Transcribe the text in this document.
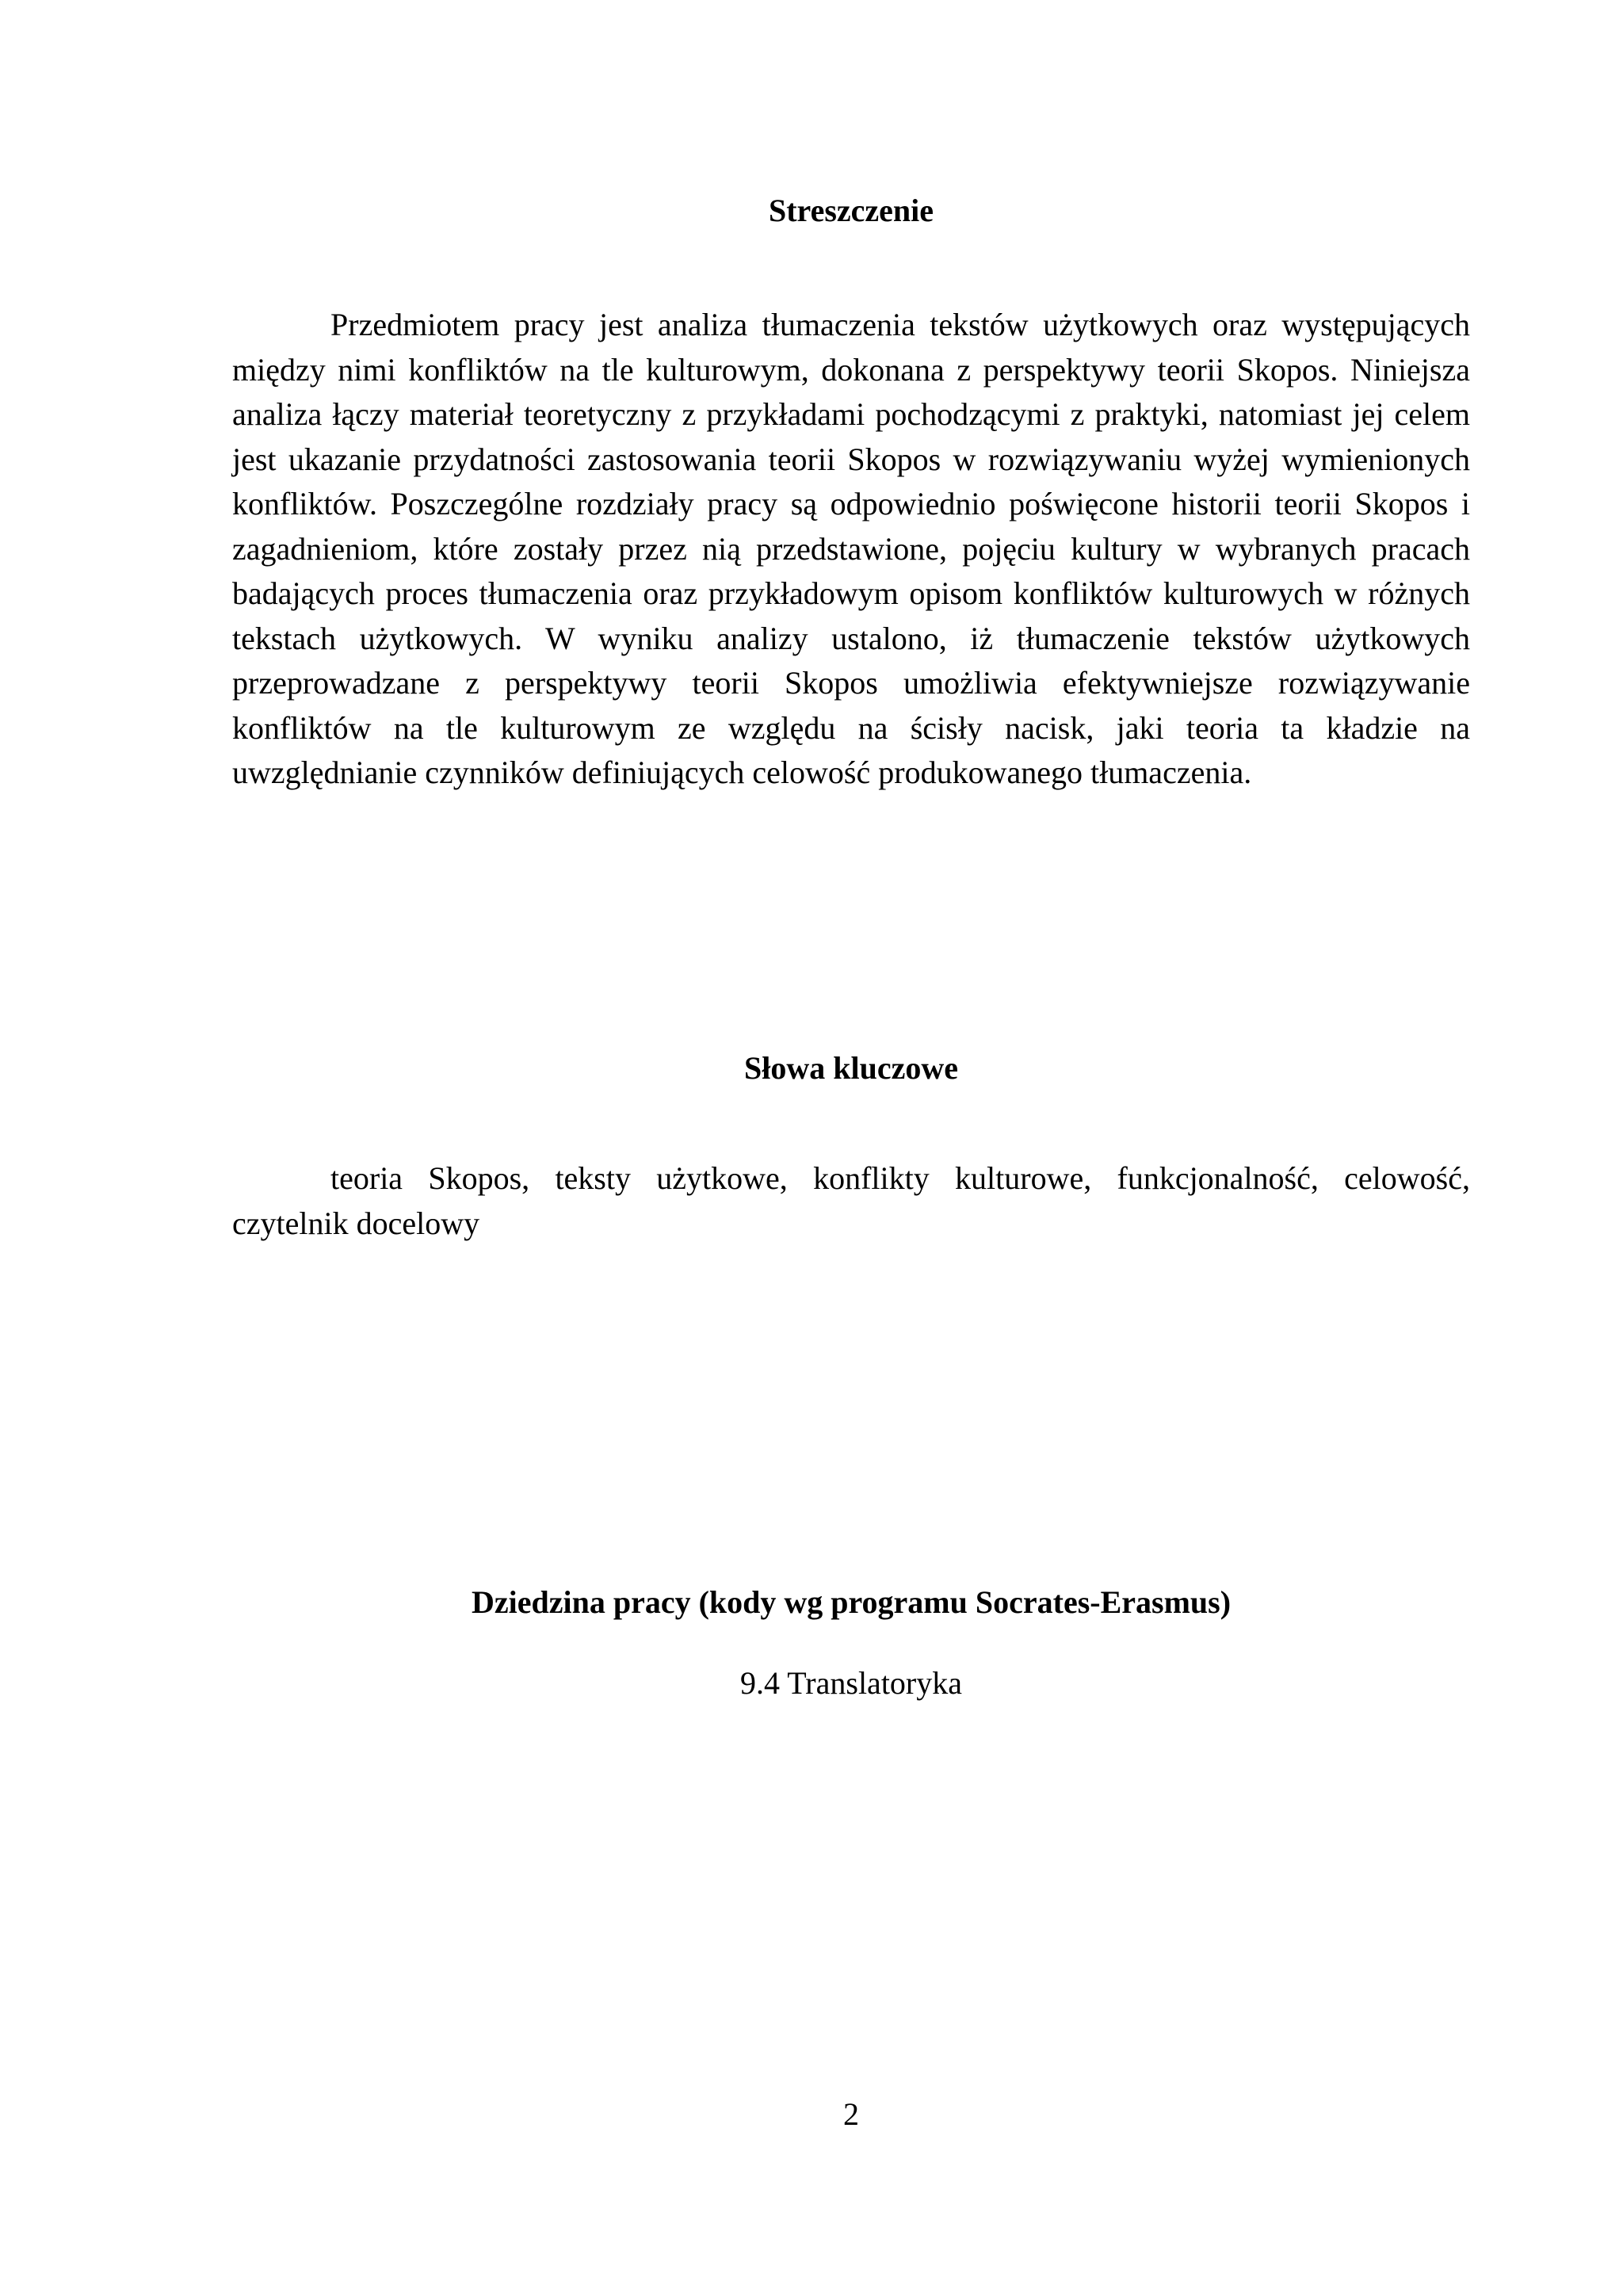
Streszczenie

Przedmiotem pracy jest analiza tłumaczenia tekstów użytkowych oraz występujących między nimi konfliktów na tle kulturowym, dokonana z perspektywy teorii Skopos. Niniejsza analiza łączy materiał teoretyczny z przykładami pochodzącymi z praktyki, natomiast jej celem jest ukazanie przydatności zastosowania teorii Skopos w rozwiązywaniu wyżej wymienionych konfliktów. Poszczególne rozdziały pracy są odpowiednio poświęcone historii teorii Skopos i zagadnieniom, które zostały przez nią przedstawione, pojęciu kultury w wybranych pracach badających proces tłumaczenia oraz przykładowym opisom konfliktów kulturowych w różnych tekstach użytkowych. W wyniku analizy ustalono, iż tłumaczenie tekstów użytkowych przeprowadzane z perspektywy teorii Skopos umożliwia efektywniejsze rozwiązywanie konfliktów na tle kulturowym ze względu na ścisły nacisk, jaki teoria ta kładzie na uwzględnianie czynników definiujących celowość produkowanego tłumaczenia.

Słowa kluczowe

teoria Skopos, teksty użytkowe, konflikty kulturowe, funkcjonalność, celowość, czytelnik docelowy

Dziedzina pracy (kody wg programu Socrates-Erasmus)

9.4 Translatoryka

2
